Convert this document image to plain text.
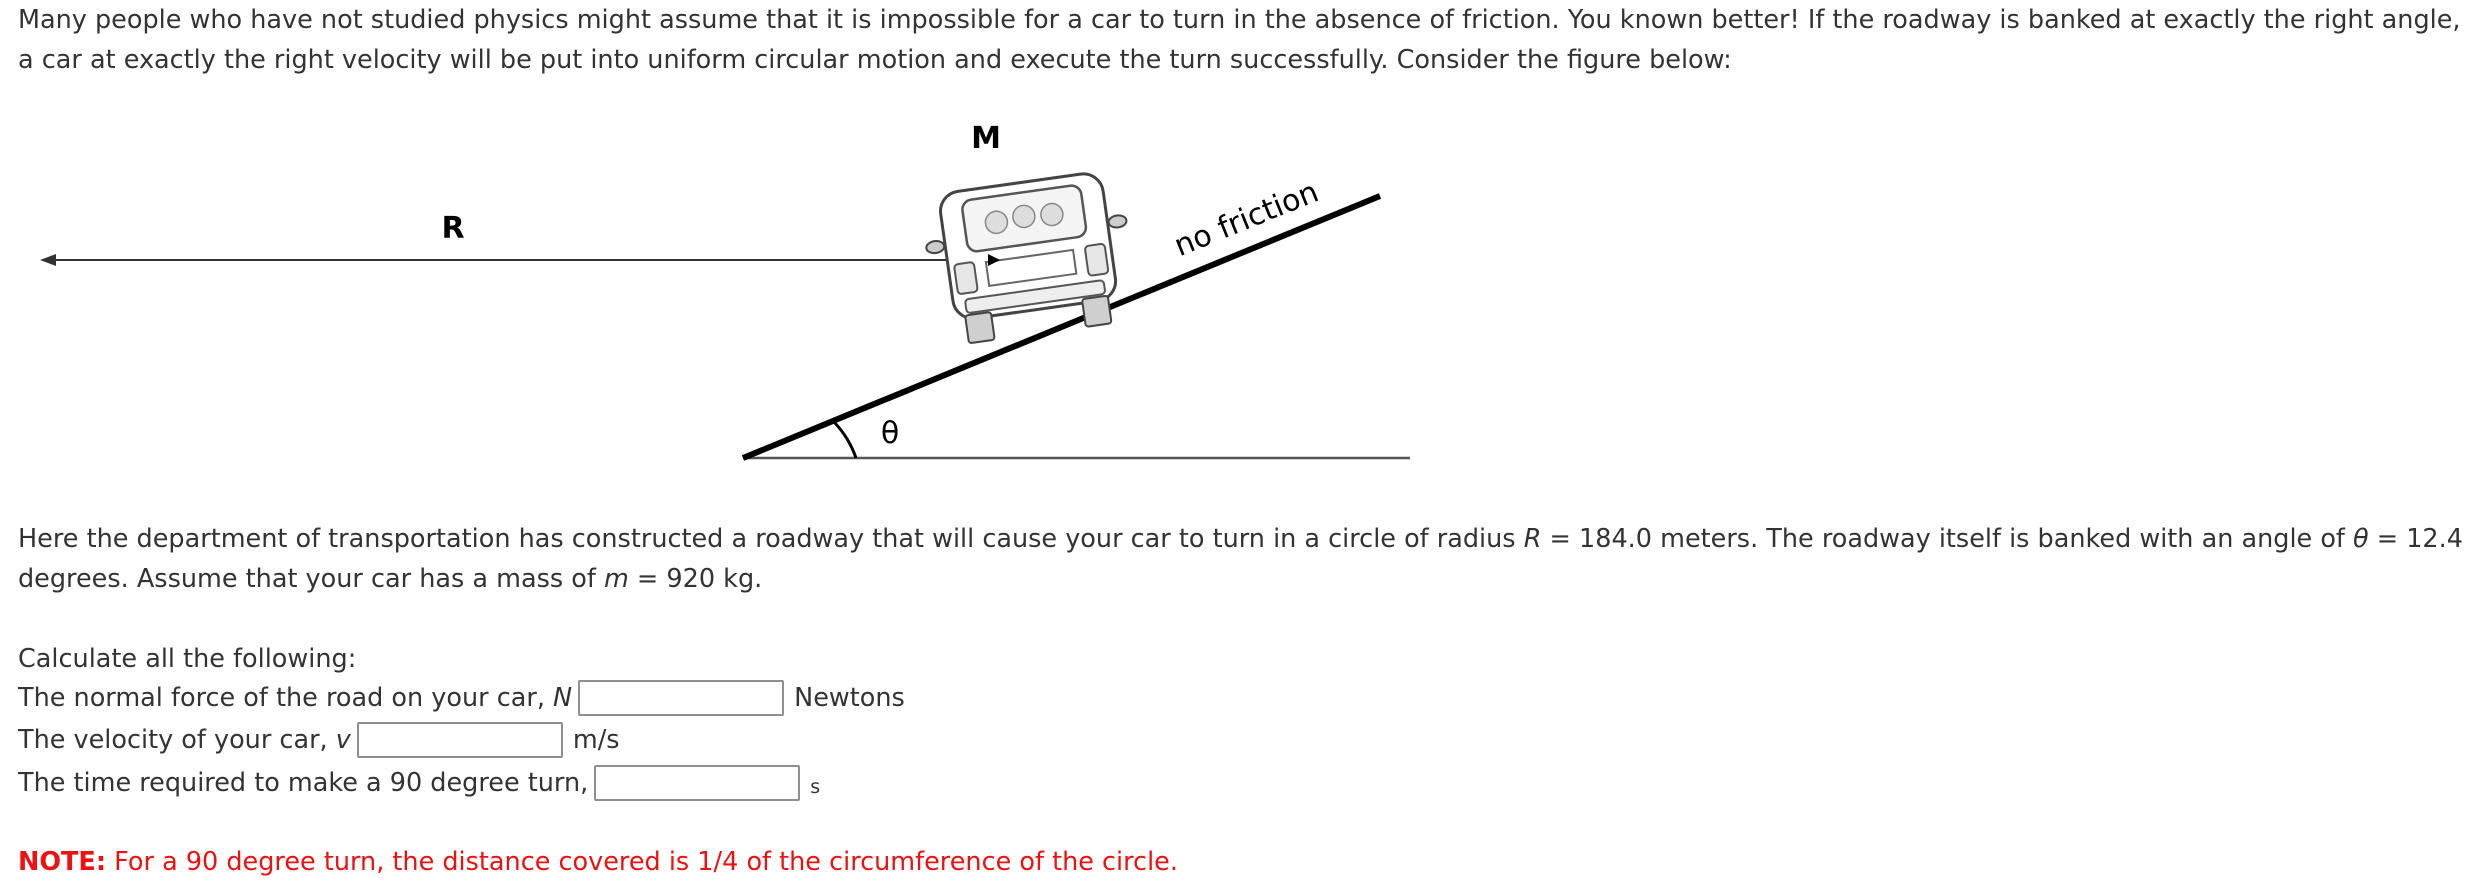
Many people who have not studied physics might assume that it is impossible for a car to turn in the absence of friction. You known better! If the roadway is banked at exactly the right angle, a car at exactly the right velocity will be put into uniform circular motion and execute the turn successfully. Consider the figure below:

M
R	no friction
θ

Here the department of transportation has constructed a roadway that will cause your car to turn in a circle of radius R = 184.0 meters. The roadway itself is banked with an angle of θ = 12.4 degrees. Assume that your car has a mass of m = 920 kg.

Calculate all the following:

The normal force of the road on your car, N	Newtons
The velocity of your car, v	m/s
The time required to make a 90 degree turn,	s

NOTE: For a 90 degree turn, the distance covered is 1/4 of the circumference of the circle.
